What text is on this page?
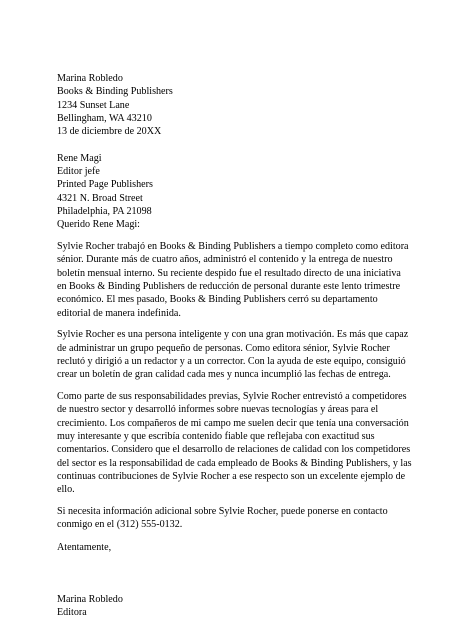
Marina Robledo
Books & Binding Publishers
1234 Sunset Lane
Bellingham, WA 43210
13 de diciembre de 20XX
Rene Magi
Editor jefe
Printed Page Publishers
4321 N. Broad Street
Philadelphia, PA 21098

Querido Rene Magi:

Sylvie Rocher trabajó en Books & Binding Publishers a tiempo completo como editora sénior. Durante más de cuatro años, administró el contenido y la entrega de nuestro boletín mensual interno. Su reciente despido fue el resultado directo de una iniciativa en Books & Binding Publishers de reducción de personal durante este lento trimestre económico. El mes pasado, Books & Binding Publishers cerró su departamento editorial de manera indefinida.

Sylvie Rocher es una persona inteligente y con una gran motivación. Es más que capaz de administrar un grupo pequeño de personas. Como editora sénior, Sylvie Rocher reclutó y dirigió a un redactor y a un corrector. Con la ayuda de este equipo, consiguió crear un boletín de gran calidad cada mes y nunca incumplió las fechas de entrega.

Como parte de sus responsabilidades previas, Sylvie Rocher entrevistó a competidores de nuestro sector y desarrolló informes sobre nuevas tecnologías y áreas para el crecimiento. Los compañeros de mi campo me suelen decir que tenía una conversación muy interesante y que escribía contenido fiable que reflejaba con exactitud sus comentarios. Considero que el desarrollo de relaciones de calidad con los competidores del sector es la responsabilidad de cada empleado de Books & Binding Publishers, y las continuas contribuciones de Sylvie Rocher a ese respecto son un excelente ejemplo de ello.

Si necesita información adicional sobre Sylvie Rocher, puede ponerse en contacto conmigo en el (312) 555-0132.

Atentamente,

Marina Robledo
Editora
